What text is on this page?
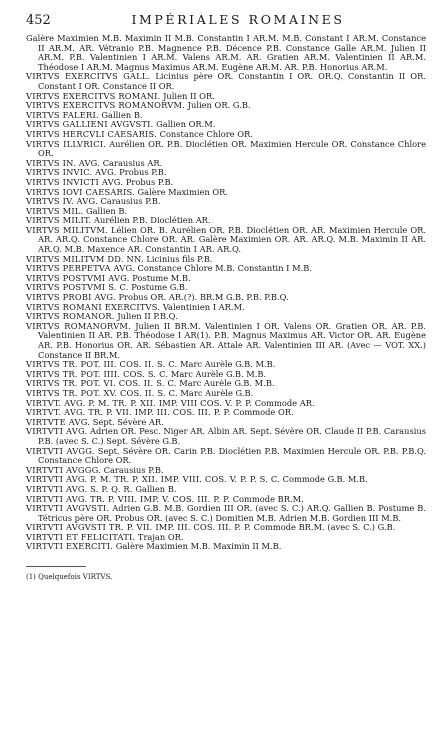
452	IMPÉRIALES ROMAINES

Galère Maximien M.B. Maximin II M.B. Constantin I AR.M. M.B. Constant I AR.M. Constance II AR.M. AR. Vétranio P.B. Magnence P.B. Décence P.B. Constance Galle AR.M. Julien II AR.M. P.B. Valentinien I AR.M. Valens AR.M. AR. Gratien AR.M. Valentinien II AR.M. Théodose I AR.M. Magnus Maximus AR.M. Eugène AR.M. AR. P.B. Honorius AR.M.

VIRTVS EXERCITVS GALL. Licinius père OR. Constantin I OR. OR.Q. Constantin II OR. Constant I OR. Constance II OR.

VIRTVS EXERCITVS ROMANI. Julien II OR.

VIRTVS EXERCITVS ROMANORVM. Julien OR. G.B.

VIRTVS FALERI. Gallien B.

VIRTVS GALLIENI AVGVSTI. Gallien OR.M.

VIRTVS HERCVLI CAESARIS. Constance Chlore OR.

VIRTVS ILLVRICI. Aurélien OR. P.B. Dioclétien OR. Maximien Hercule OR. Constance Chlore OR.

VIRTVS IN. AVG. Carausius AR.

VIRTVS INVIC. AVG. Probus P.B.

VIRTVS INVICTI AVG. Probus P.B.

VIRTVS IOVI CAESARIS. Galère Maximien OR.

VIRTVS IV. AVG. Carausius P.B.

VIRTVS MIL. Gallien B.

VIRTVS MILIT. Aurélien P.B. Dioclétien AR.

VIRTVS MILITVM. Lélien OR. B. Aurélien OR. P.B. Dioclétien OR. AR. Maximien Hercule OR. AR. AR.Q. Constance Chlore OR. AR. Galère Maximien OR. AR. AR.Q. M.B. Maximin II AR. AR.Q. M.B. Maxence AR. Constantin I AR. AR.Q.

VIRTVS MILITVM DD. NN. Licinius fils P.B.

VIRTVS PERPETVA AVG. Constance Chlore M.B. Constantin I M.B.

VIRTVS POSTVMI AVG. Postume M.B.

VIRTVS POSTVMI S. C. Postume G.B.

VIRTVS PROBI AVG. Probus OR. AR.(?). BR.M G.B. P.B. P.B.Q.

VIRTVS ROMANI EXERCITVS. Valentinien I AR.M.

VIRTVS ROMANOR. Julien II P.B.Q.

VIRTVS ROMANORVM. Julien II BR.M. Valentinien I OR. Valens OR. Gratien OR. AR. P.B. Valentinien II AR. P.B. Théodose I AR(1). P.B. Magnus Maximus AR. Victor OR. AR. Eugène AR. P.B. Honorius OR. AR. Sébastien AR. Attale AR. Valentinien III AR. (Avec — VOT. XX.) Constance II BR.M.

VIRTVS TR. POT. III. COS. II. S. C. Marc Aurèle G.B. M.B.

VIRTVS TR. POT. IIII. COS. S. C. Marc Aurèle G.B. M.B.

VIRTVS TR. POT. VI. COS. II. S. C. Marc Aurèle G.B. M.B.

VIRTVS TR. POT. XV. COS. II. S. C. Marc Aurèle G.B.

VIRTVT. AVG. P. M. TR. P. XII. IMP. VIII COS. V. P. P. Commode AR.

VIRTVT. AVG. TR. P. VII. IMP. III. COS. III. P. P. Commode OR.

VIRTVTE AVG. Sept. Sévère AR.

VIRTVTI AVG. Adrien OR. Pesc. Niger AR. Albin AR. Sept. Sévère OR. Claude II P.B. Carausius P.B. (avec S. C.) Sept. Sévère G.B.

VIRTVTI AVGG. Sept. Sévère OR. Carin P.B. Dioclétien P.B. Maximien Hercule OR. P.B. P.B.Q. Constance Chlore OR.

VIRTVTI AVGGG. Carausius P.B.

VIRTVTI AVG. P. M. TR. P. XII. IMP. VIII. COS. V. P. P. S. C. Commode G.B. M.B.

VIRTVTI AVG. S. P. Q. R. Gallien B.

VIRTVTI AVG. TR. P. VIII. IMP. V. COS. III. P. P. Commode BR.M.

VIRTVTI AVGVSTI. Adrien G.B. M.B. Gordien III OR. (avec S. C.) AR.Q. Gallien B. Postume B. Tétricus père OR. Probus OR. (avec S. C.) Domitien M.B. Adrien M.B. Gordien III M.B.

VIRTVTI AVGVSTI TR. P. VII. IMP. III. COS. III. P. P. Commode BR.M. (avec S. C.) G.B.

VIRTVTI ET FELICITATI. Trajan OR.

VIRTVTI EXERCITI. Galère Maximien M.B. Maximin II M.B.

(1) Quelquefois VIRTVS.
